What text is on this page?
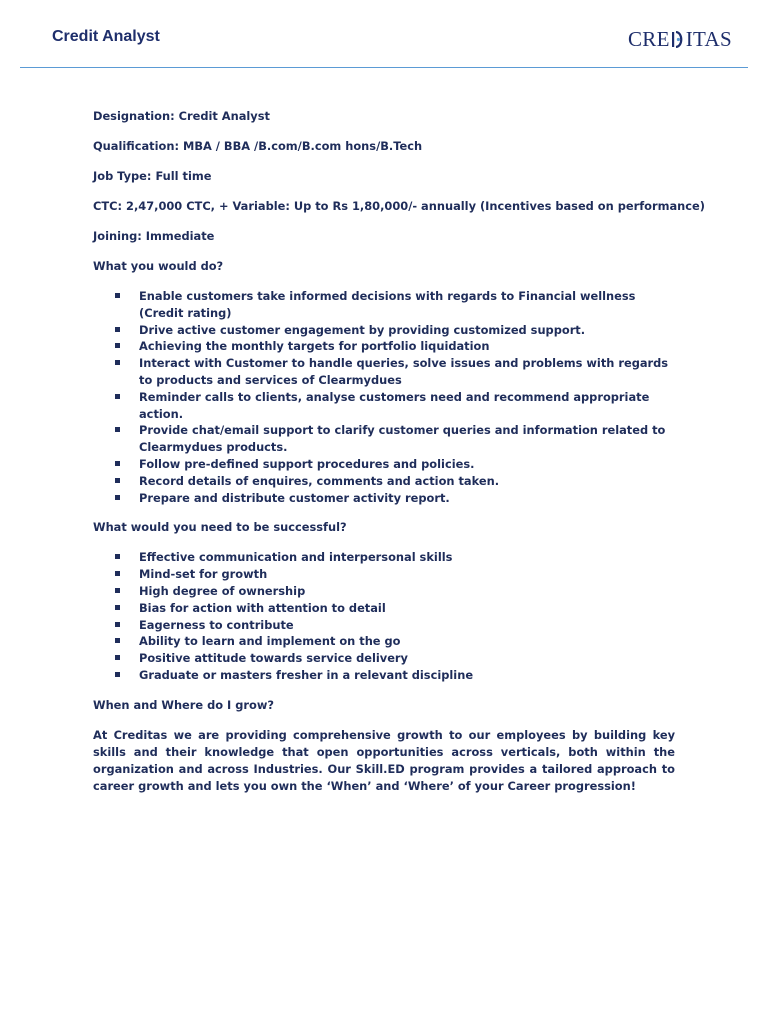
Credit Analyst	CRE ITAS
Designation: Credit Analyst
Qualification: MBA / BBA /B.com/B.com hons/B.Tech
Job Type: Full time
CTC: 2,47,000 CTC, + Variable: Up to Rs 1,80,000/- annually (Incentives based on performance)
Joining: Immediate
What you would do?
Enable customers take informed decisions with regards to Financial wellness (Credit rating)
Drive active customer engagement by providing customized support.
Achieving the monthly targets for portfolio liquidation
Interact with Customer to handle queries, solve issues and problems with regards to products and services of Clearmydues
Reminder calls to clients, analyse customers need and recommend appropriate action.
Provide chat/email support to clarify customer queries and information related to Clearmydues products.
Follow pre-defined support procedures and policies.
Record details of enquires, comments and action taken.
Prepare and distribute customer activity report.
What would you need to be successful?
Effective communication and interpersonal skills
Mind-set for growth
High degree of ownership
Bias for action with attention to detail
Eagerness to contribute
Ability to learn and implement on the go
Positive attitude towards service delivery
Graduate or masters fresher in a relevant discipline
When and Where do I grow?

At Creditas we are providing comprehensive growth to our employees by building key skills and their knowledge that open opportunities across verticals, both within the organization and across Industries. Our Skill.ED program provides a tailored approach to career growth and lets you own the ‘When’ and ‘Where’ of your Career progression!
